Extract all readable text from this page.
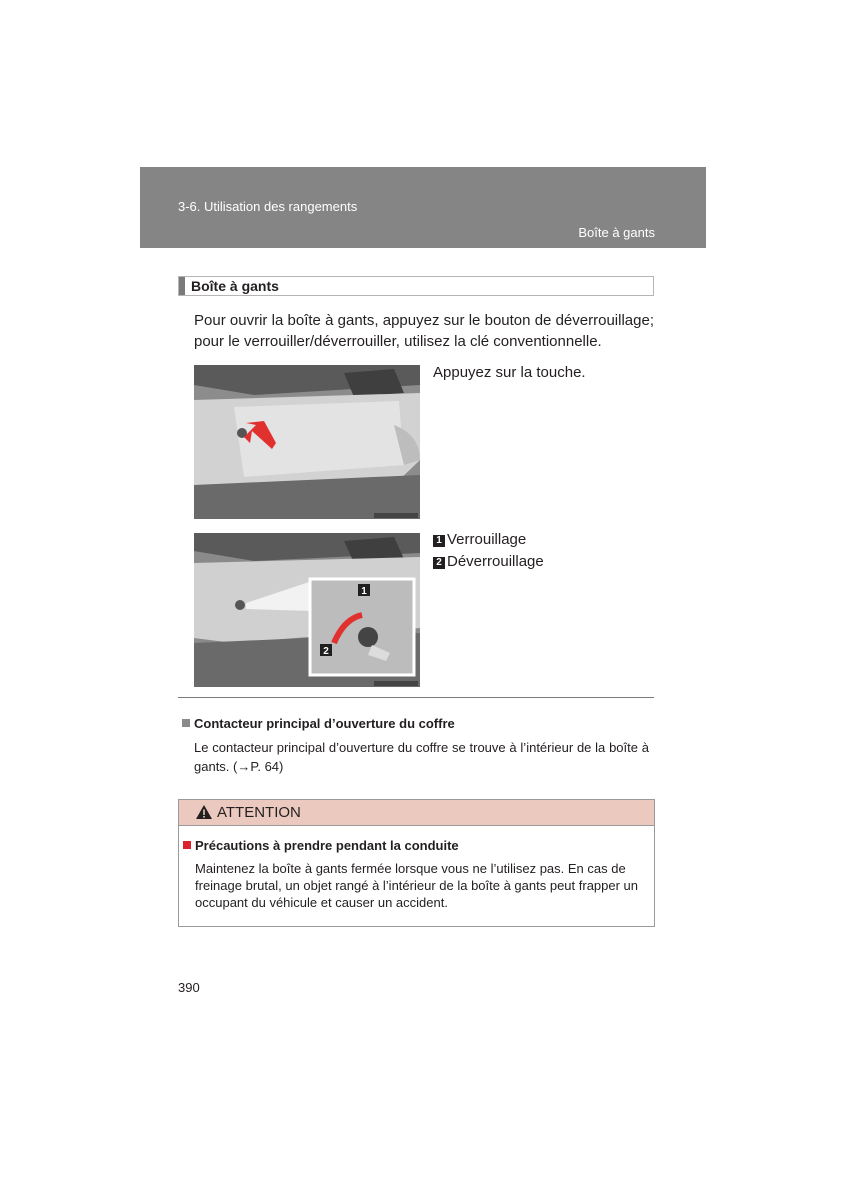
3-6. Utilisation des rangements
Boîte à gants
Boîte à gants
Pour ouvrir la boîte à gants, appuyez sur le bouton de déverrouillage; pour le verrouiller/déverrouiller, utilisez la clé conventionnelle.
Appuyez sur la touche.
1
2
1 Verrouillage
2 Déverrouillage
Contacteur principal d’ouverture du coffre
Le contacteur principal d’ouverture du coffre se trouve à l’intérieur de la boîte à gants. (→P. 64)
ATTENTION
Précautions à prendre pendant la conduite
Maintenez la boîte à gants fermée lorsque vous ne l’utilisez pas. En cas de freinage brutal, un objet rangé à l’intérieur de la boîte à gants peut frapper un occupant du véhicule et causer un accident.
390
